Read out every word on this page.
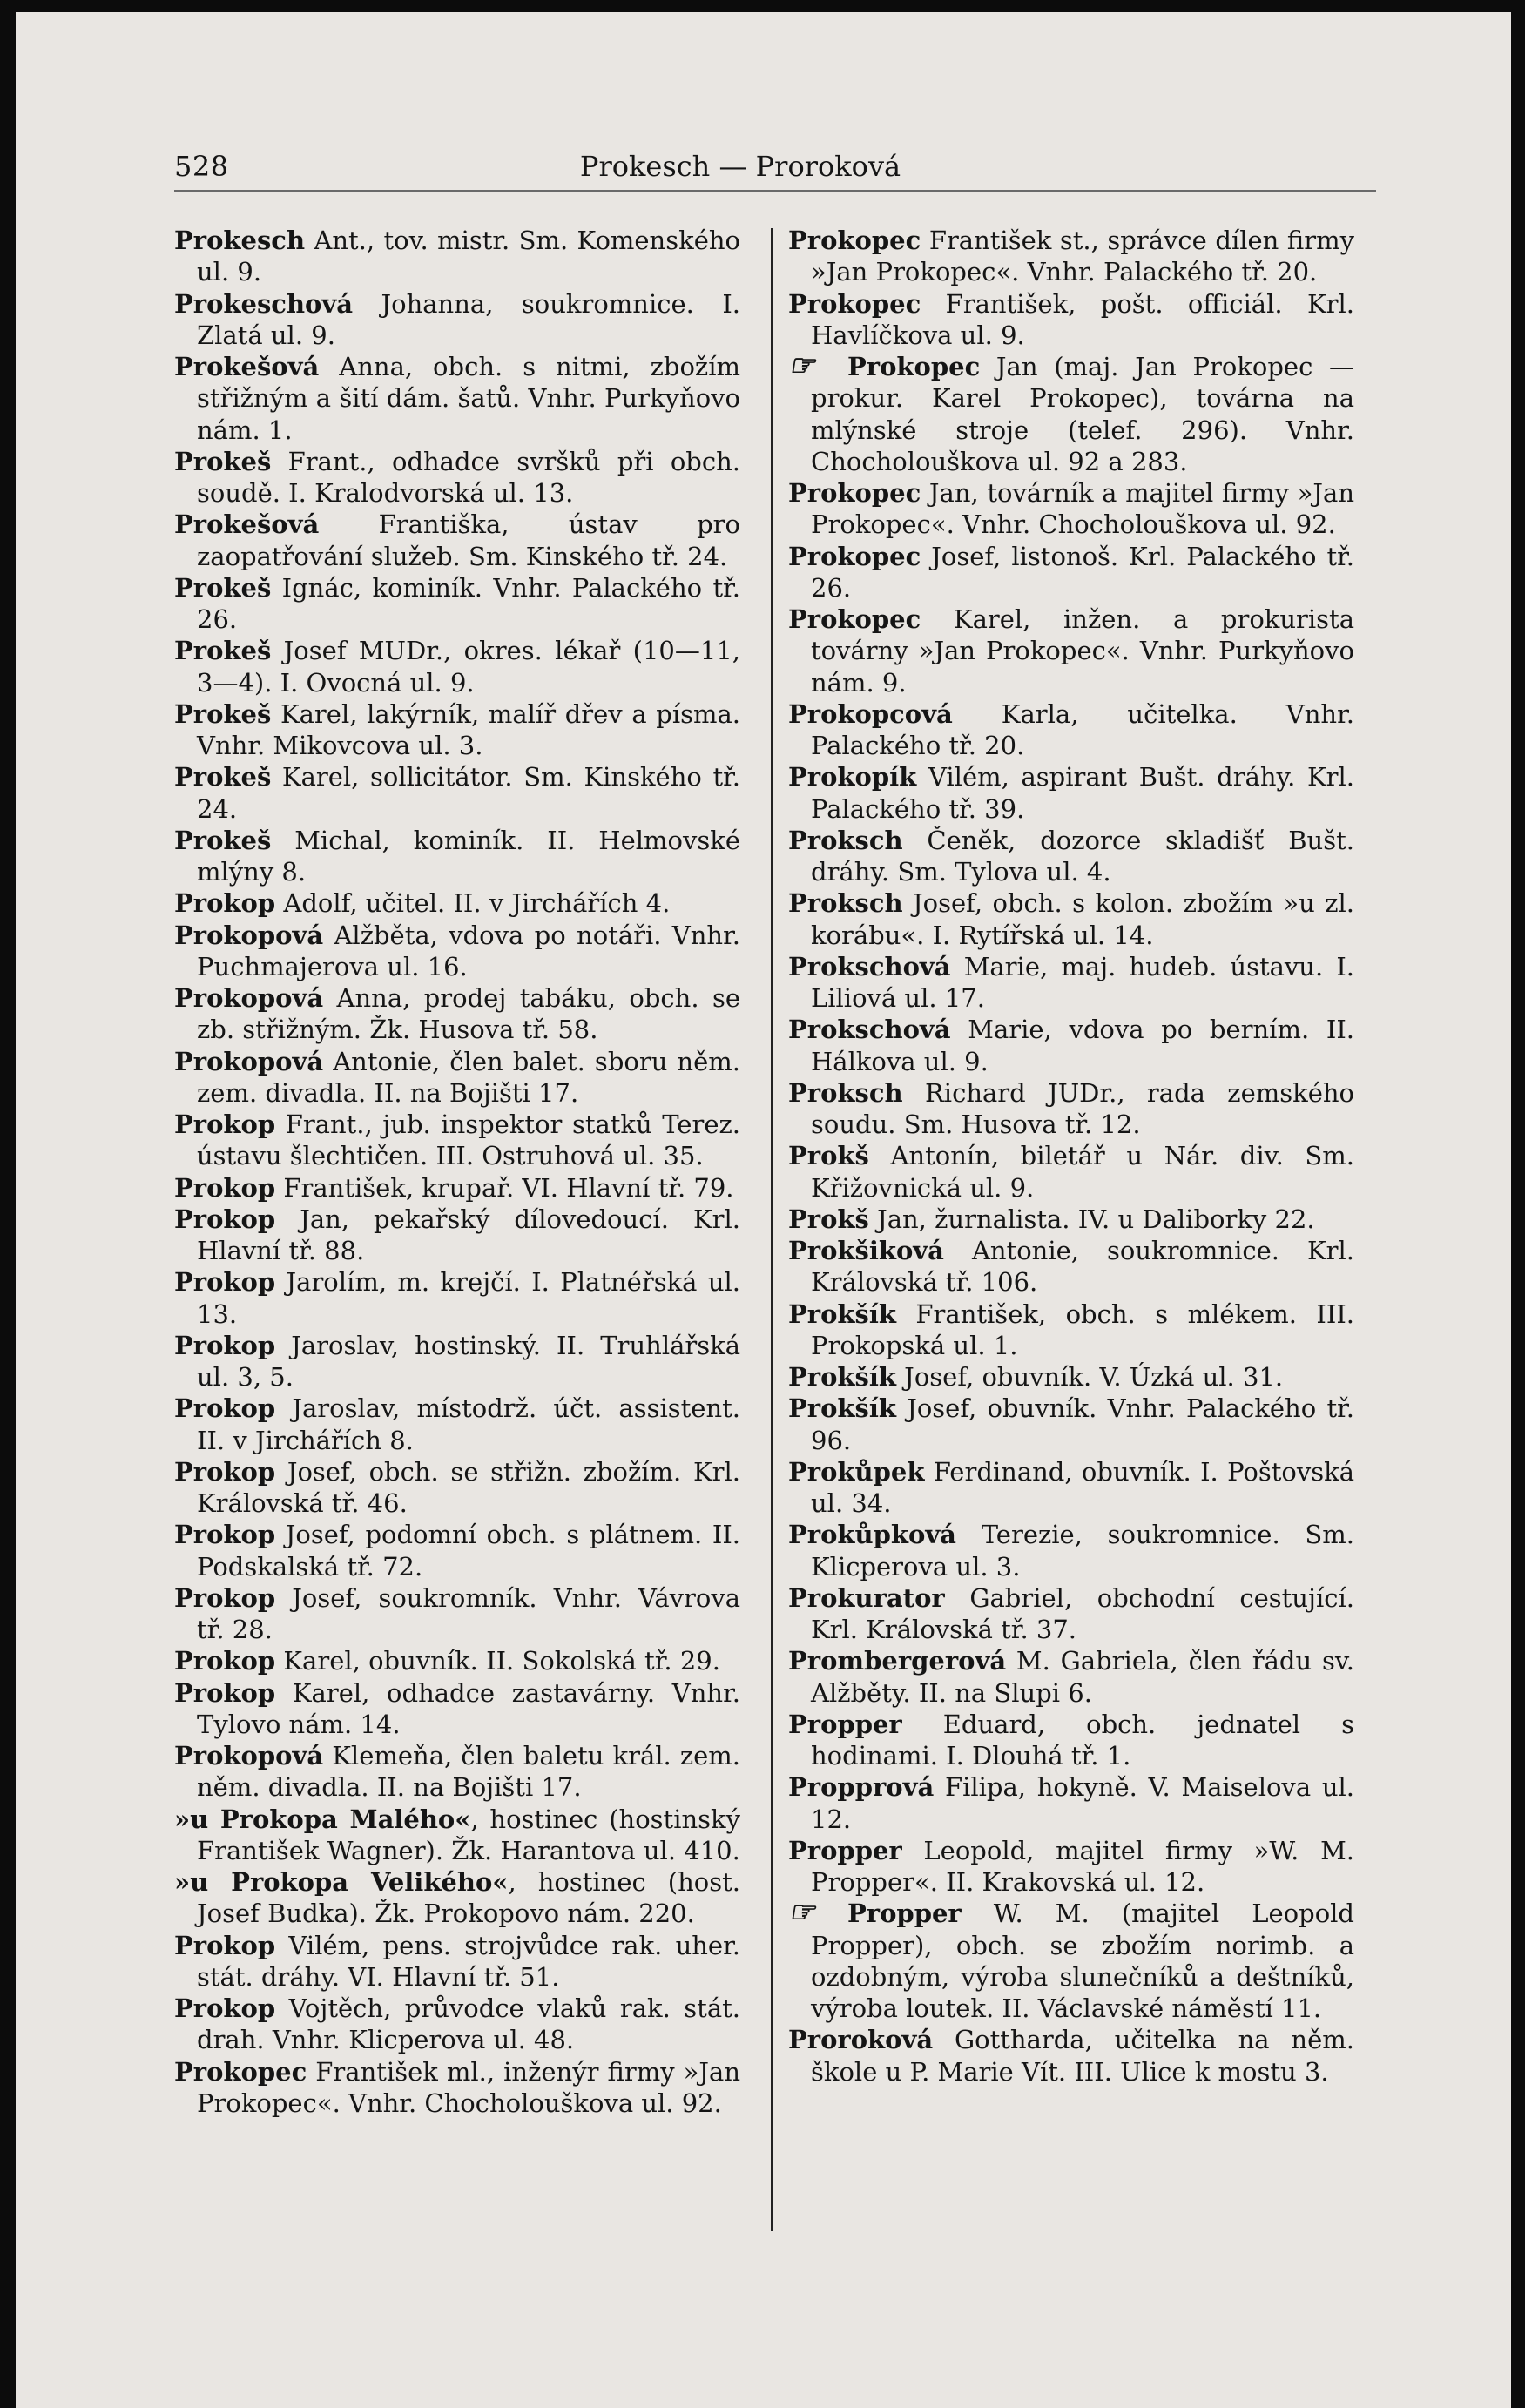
528	Prokesch — Proroková

Prokesch Ant., tov. mistr. Sm. Komenského ul. 9.

Prokeschová Johanna, soukromnice. I. Zlatá ul. 9.

Prokešová Anna, obch. s nitmi, zbožím střižným a šití dám. šatů. Vnhr. Purkyňovo nám. 1.

Prokeš Frant., odhadce svršků při obch. soudě. I. Kralodvorská ul. 13.

Prokešová Františka, ústav pro zaopatřování služeb. Sm. Kinského tř. 24.

Prokeš Ignác, kominík. Vnhr. Palackého tř. 26.

Prokeš Josef MUDr., okres. lékař (10—11, 3—4). I. Ovocná ul. 9.

Prokeš Karel, lakýrník, malíř dřev a písma. Vnhr. Mikovcova ul. 3.

Prokeš Karel, sollicitátor. Sm. Kinského tř. 24.

Prokeš Michal, kominík. II. Helmovské mlýny 8.

Prokop Adolf, učitel. II. v Jirchářích 4.

Prokopová Alžběta, vdova po notáři. Vnhr. Puchmajerova ul. 16.

Prokopová Anna, prodej tabáku, obch. se zb. střižným. Žk. Husova tř. 58.

Prokopová Antonie, člen balet. sboru něm. zem. divadla. II. na Bojišti 17.

Prokop Frant., jub. inspektor statků Terez. ústavu šlechtičen. III. Ostruhová ul. 35.

Prokop František, krupař. VI. Hlavní tř. 79.

Prokop Jan, pekařský dílovedoucí. Krl. Hlavní tř. 88.

Prokop Jarolím, m. krejčí. I. Platnéřská ul. 13.

Prokop Jaroslav, hostinský. II. Truhlářská ul. 3, 5.

Prokop Jaroslav, místodrž. účt. assistent. II. v Jirchářích 8.

Prokop Josef, obch. se střižn. zbožím. Krl. Královská tř. 46.

Prokop Josef, podomní obch. s plátnem. II. Podskalská tř. 72.

Prokop Josef, soukromník. Vnhr. Vávrova tř. 28.

Prokop Karel, obuvník. II. Sokolská tř. 29.

Prokop Karel, odhadce zastavárny. Vnhr. Tylovo nám. 14.

Prokopová Klemeňa, člen baletu král. zem. něm. divadla. II. na Bojišti 17.

»u Prokopa Malého«, hostinec (hostinský František Wagner). Žk. Harantova ul. 410.

»u Prokopa Velikého«, hostinec (host. Josef Budka). Žk. Prokopovo nám. 220.

Prokop Vilém, pens. strojvůdce rak. uher. stát. dráhy. VI. Hlavní tř. 51.

Prokop Vojtěch, průvodce vlaků rak. stát. drah. Vnhr. Klicperova ul. 48.

Prokopec František ml., inženýr firmy »Jan Prokopec«. Vnhr. Chocholouškova ul. 92.

Prokopec František st., správce dílen firmy »Jan Prokopec«. Vnhr. Palackého tř. 20.

Prokopec František, pošt. officiál. Krl. Havlíčkova ul. 9.

☞ Prokopec Jan (maj. Jan Prokopec — prokur. Karel Prokopec), továrna na mlýnské stroje (telef. 296). Vnhr. Chocholouškova ul. 92 a 283.

Prokopec Jan, továrník a majitel firmy »Jan Prokopec«. Vnhr. Chocholouškova ul. 92.

Prokopec Josef, listonoš. Krl. Palackého tř. 26.

Prokopec Karel, inžen. a prokurista továrny »Jan Prokopec«. Vnhr. Purkyňovo nám. 9.

Prokopcová Karla, učitelka. Vnhr. Palackého tř. 20.

Prokopík Vilém, aspirant Bušt. dráhy. Krl. Palackého tř. 39.

Proksch Čeněk, dozorce skladišť Bušt. dráhy. Sm. Tylova ul. 4.

Proksch Josef, obch. s kolon. zbožím »u zl. korábu«. I. Rytířská ul. 14.

Prokschová Marie, maj. hudeb. ústavu. I. Liliová ul. 17.

Prokschová Marie, vdova po berním. II. Hálkova ul. 9.

Proksch Richard JUDr., rada zemského soudu. Sm. Husova tř. 12.

Prokš Antonín, biletář u Nár. div. Sm. Křižovnická ul. 9.

Prokš Jan, žurnalista. IV. u Daliborky 22.

Prokšiková Antonie, soukromnice. Krl. Královská tř. 106.

Prokšík František, obch. s mlékem. III. Prokopská ul. 1.

Prokšík Josef, obuvník. V. Úzká ul. 31.

Prokšík Josef, obuvník. Vnhr. Palackého tř. 96.

Prokůpek Ferdinand, obuvník. I. Poštovská ul. 34.

Prokůpková Terezie, soukromnice. Sm. Klicperova ul. 3.

Prokurator Gabriel, obchodní cestující. Krl. Královská tř. 37.

Prombergerová M. Gabriela, člen řádu sv. Alžběty. II. na Slupi 6.

Propper Eduard, obch. jednatel s hodinami. I. Dlouhá tř. 1.

Propprová Filipa, hokyně. V. Maiselova ul. 12.

Propper Leopold, majitel firmy »W. M. Propper«. II. Krakovská ul. 12.

☞ Propper W. M. (majitel Leopold Propper), obch. se zbožím norimb. a ozdobným, výroba slunečníků a deštníků, výroba loutek. II. Václavské náměstí 11.

Proroková Gotthardа, učitelka na něm. škole u P. Marie Vít. III. Ulice k mostu 3.
